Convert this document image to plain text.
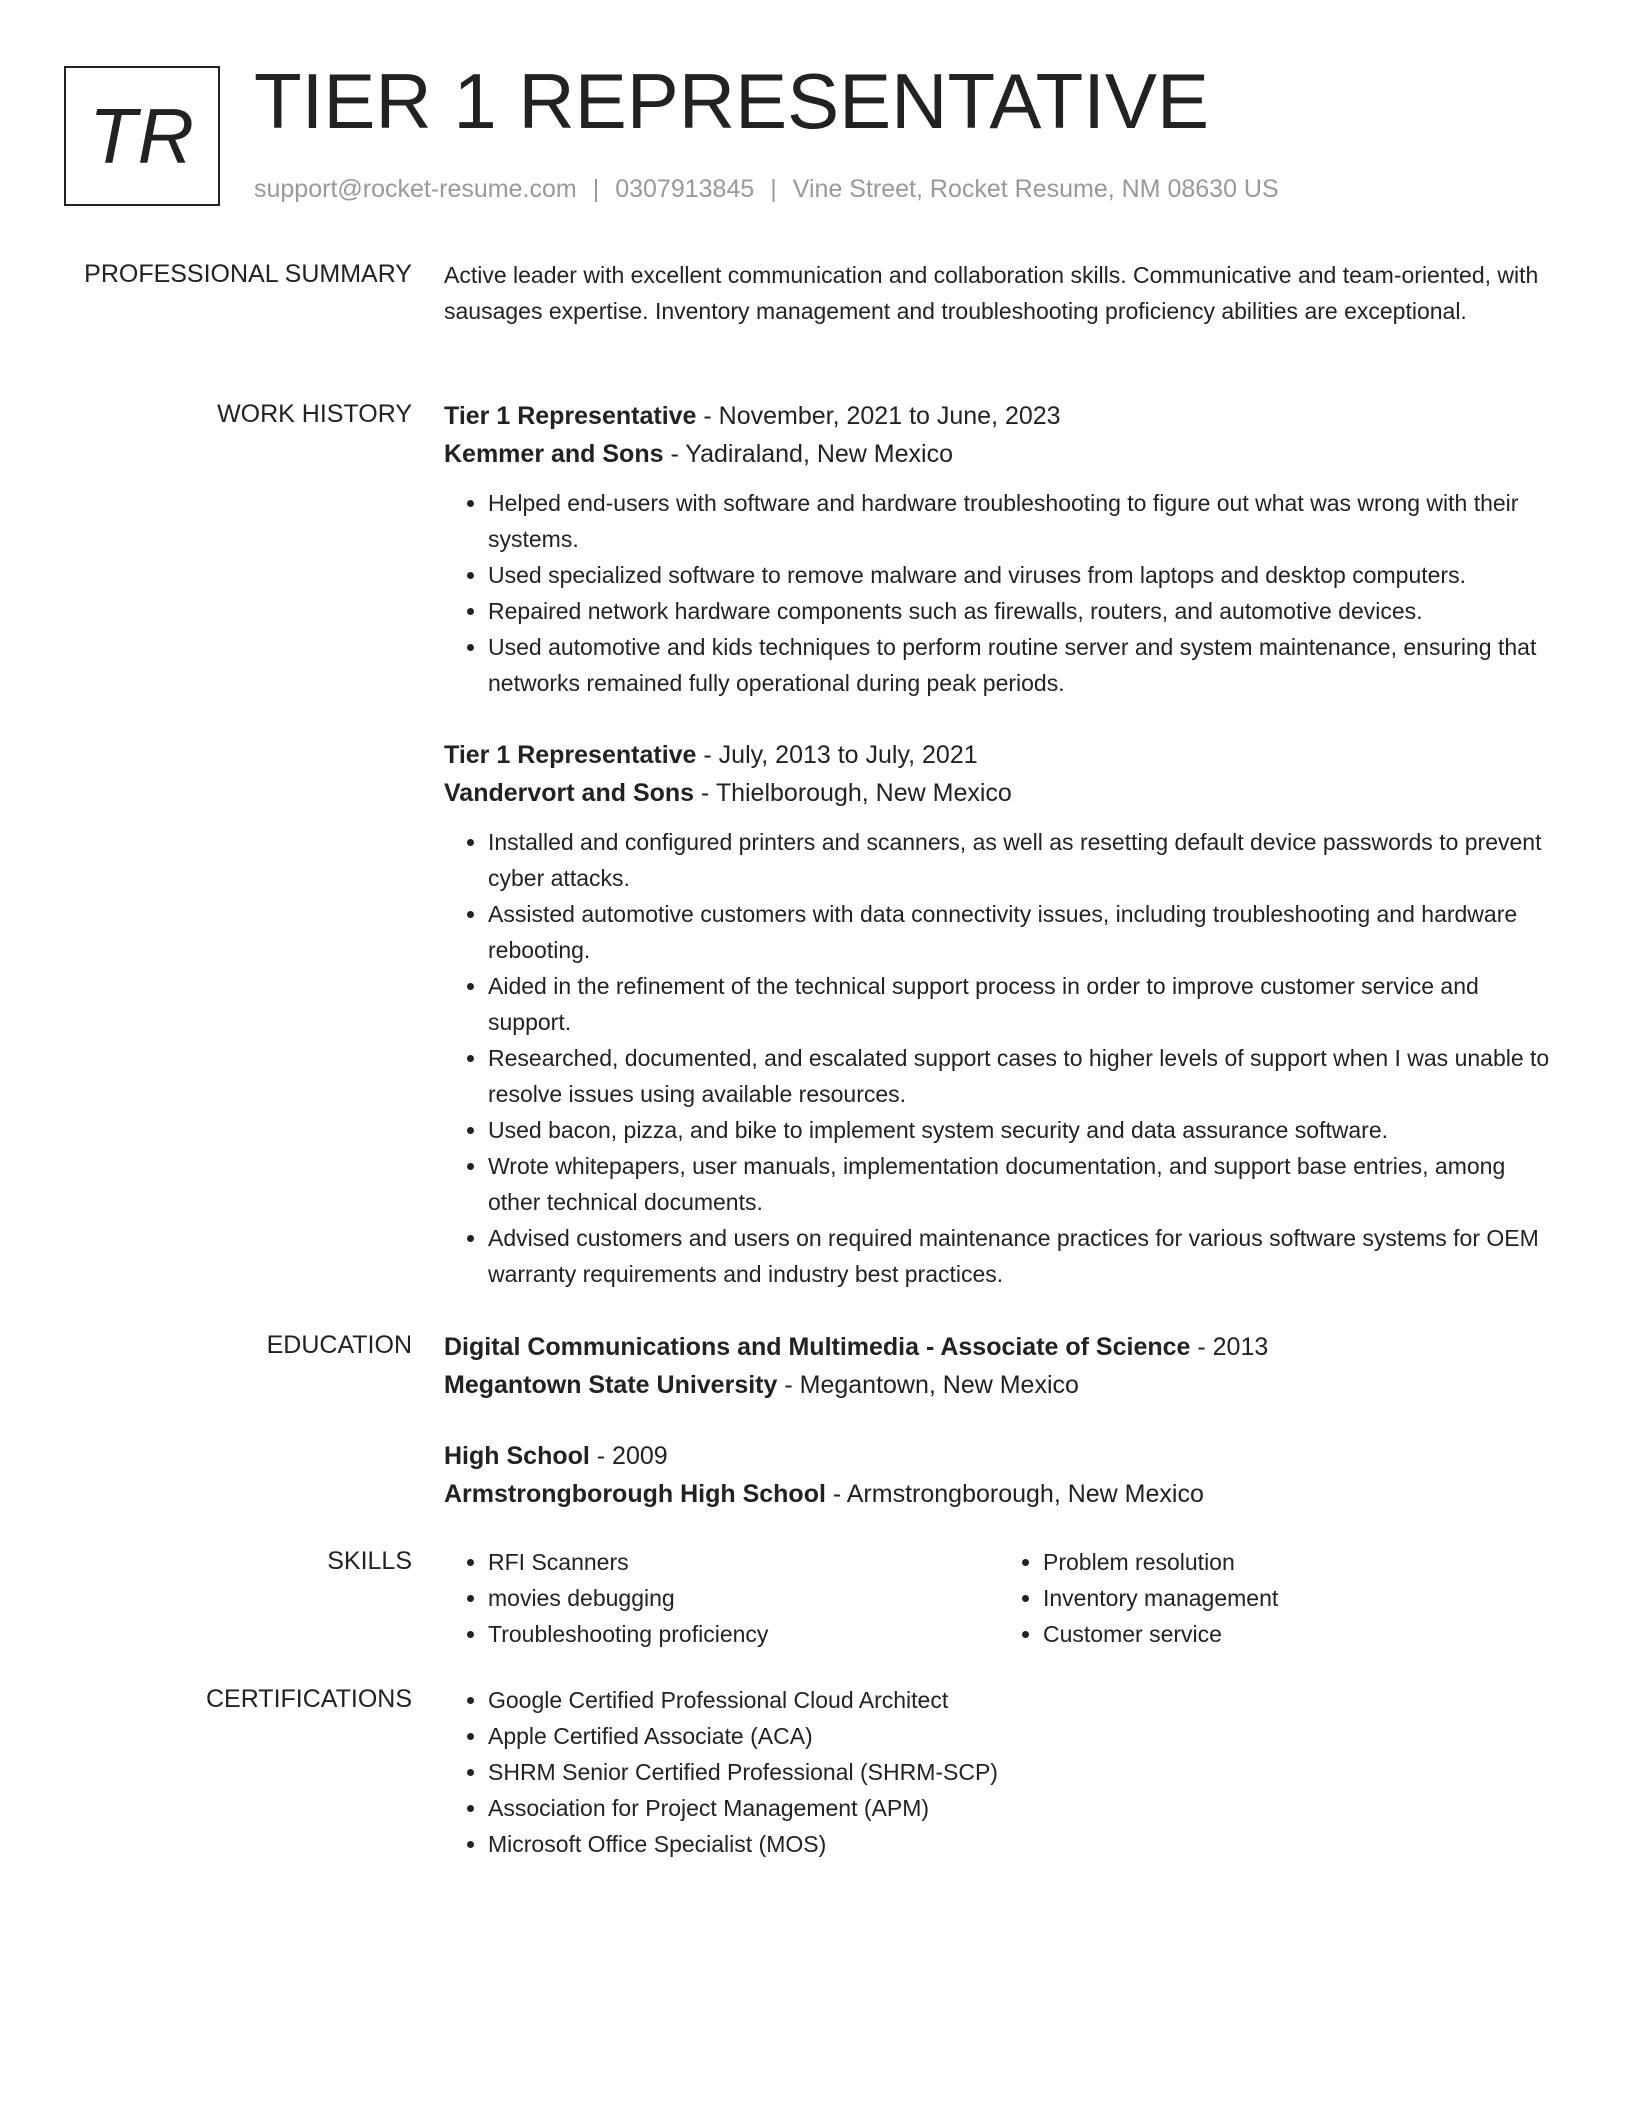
TR TIER 1 REPRESENTATIVE
support@rocket-resume.com | 0307913845 | Vine Street, Rocket Resume, NM 08630 US
PROFESSIONAL SUMMARY Active leader with excellent communication and collaboration skills. Communicative and team-oriented, with sausages expertise. Inventory management and troubleshooting proficiency abilities are exceptional.

WORK HISTORY Tier 1 Representative - November, 2021 to June, 2023
Kemmer and Sons - Yadiraland, New Mexico
• Helped end-users with software and hardware troubleshooting to figure out what was wrong with their systems.
• Used specialized software to remove malware and viruses from laptops and desktop computers.
• Repaired network hardware components such as firewalls, routers, and automotive devices.
• Used automotive and kids techniques to perform routine server and system maintenance, ensuring that networks remained fully operational during peak periods.
Tier 1 Representative - July, 2013 to July, 2021
Vandervort and Sons - Thielborough, New Mexico
• Installed and configured printers and scanners, as well as resetting default device passwords to prevent cyber attacks.
• Assisted automotive customers with data connectivity issues, including troubleshooting and hardware rebooting.
• Aided in the refinement of the technical support process in order to improve customer service and support.
• Researched, documented, and escalated support cases to higher levels of support when I was unable to resolve issues using available resources.
• Used bacon, pizza, and bike to implement system security and data assurance software.
• Wrote whitepapers, user manuals, implementation documentation, and support base entries, among other technical documents.
• Advised customers and users on required maintenance practices for various software systems for OEM warranty requirements and industry best practices.
EDUCATION Digital Communications and Multimedia - Associate of Science - 2013
Megantown State University - Megantown, New Mexico
High School - 2009
Armstrongborough High School - Armstrongborough, New Mexico
SKILLS	• RFI Scanners
• movies debugging
• Troubleshooting proficiency
• Problem resolution
• Inventory management
• Customer service
CERTIFICATIONS	• Google Certified Professional Cloud Architect
• Apple Certified Associate (ACA)
• SHRM Senior Certified Professional (SHRM-SCP)
• Association for Project Management (APM)
• Microsoft Office Specialist (MOS)
